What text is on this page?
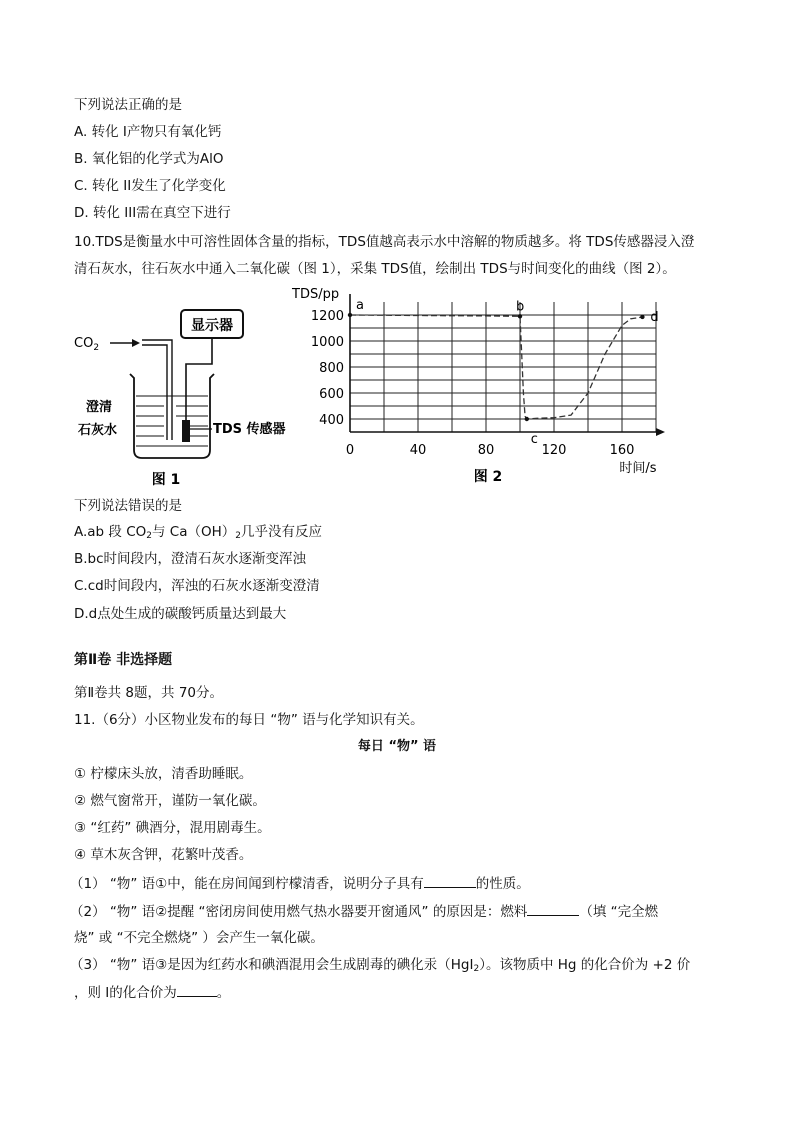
下列说法正确的是
A. 转化 I产物只有氧化钙
B. 氧化铝的化学式为AlO
C. 转化 II发生了化学变化
D. 转化 III需在真空下进行
10.TDS是衡量水中可溶性固体含量的指标，TDS值越高表示水中溶解的物质越多。将 TDS传感器浸入澄
清石灰水，往石灰水中通入二氧化碳（图 1），采集 TDS值，绘制出 TDS与时间变化的曲线（图 2）。
显示器
$CO_2$
澄清
石灰水	TDS 传感器
图 1
0	40	80	120	160
400
600
800
1000
1200
a	b
c
d
TDS/pp
时间/s
图 2
下列说法错误的是
A.ab 段 $CO_2$与 $Ca(OH)_2$几乎没有反应
B.bc时间段内，澄清石灰水逐渐变浑浊
C.cd时间段内，浑浊的石灰水逐渐变澄清
D.d点处生成的碳酸钙质量达到最大
第Ⅱ卷 非选择题
第Ⅱ卷共 8题，共 70分。
11.（6分）小区物业发布的每日 “物” 语与化学知识有关。
每日 “物” 语
① 柠檬床头放，清香助睡眠。
② 燃气窗常开，谨防一氧化碳。
③ “红药” 碘酒分，混用剧毒生。
④ 草木灰含钾，花繁叶茂香。
（1） “物” 语①中，能在房间闻到柠檬清香，说明分子具有	的性质。
（2） “物” 语②提醒 “密闭房间使用燃气热水器要开窗通风” 的原因是：燃料	（填 “完全燃
烧” 或 “不完全燃烧” ）会产生一氧化碳。
（3） “物” 语③是因为红药水和碘酒混用会生成剧毒的碘化汞（HgI$_2$）。该物质中 Hg 的化合价为 +2 价
，则 I的化合价为	。
